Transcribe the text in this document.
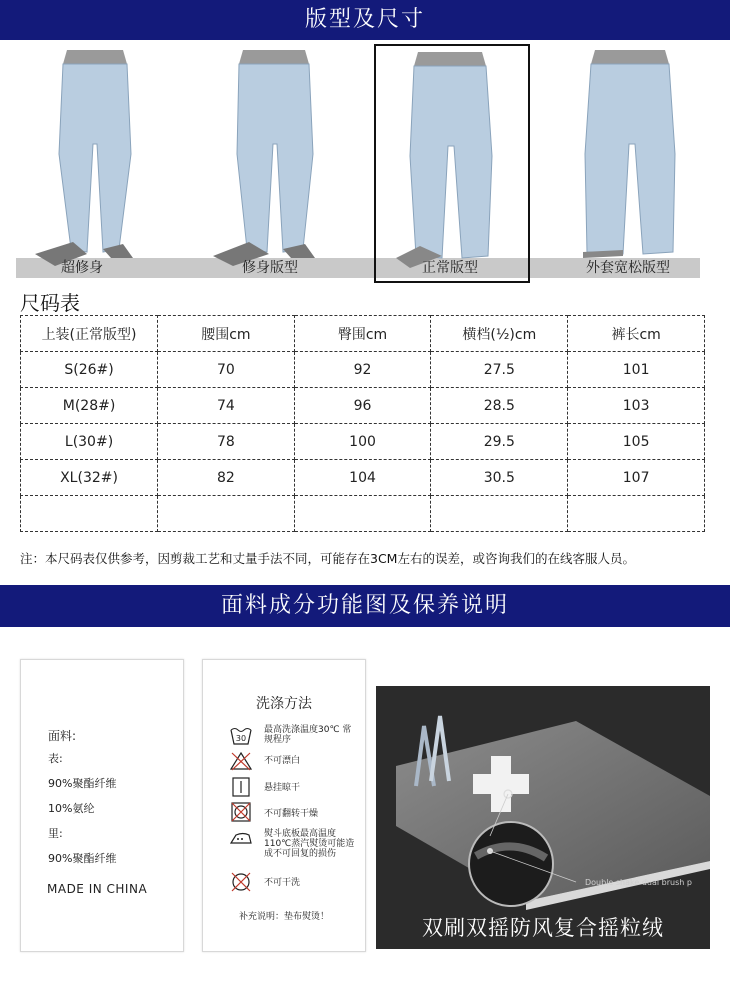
版型及尺寸
超修身	修身版型	正常版型	外套宽松版型
尺码表
上装(正常版型)	腰围cm	臀围cm	横档(½)cm	裤长cm
S(26#)	70	92	27.5	101
M(28#)	74	96	28.5	103
L(30#)	78	100	29.5	105
XL(32#)	82	104	30.5	107

注：本尺码表仅供参考，因剪裁工艺和丈量手法不同，可能存在3CM左右的误差，或咨询我们的在线客服人员。
面料成分功能图及保养说明
面料:
表:
90%聚酯纤维
10%氨纶
里:
90%聚酯纤维
MADE IN CHINA
洗涤方法
30
最高洗涤温度30℃ 常规程序
不可漂白
悬挂晾干
不可翻转干燥
熨斗底板最高温度110℃蒸汽熨烫可能造成不可回复的损伤
不可干洗
补充说明：垫布熨烫！
Double shake dual brush p
双刷双摇防风复合摇粒绒
